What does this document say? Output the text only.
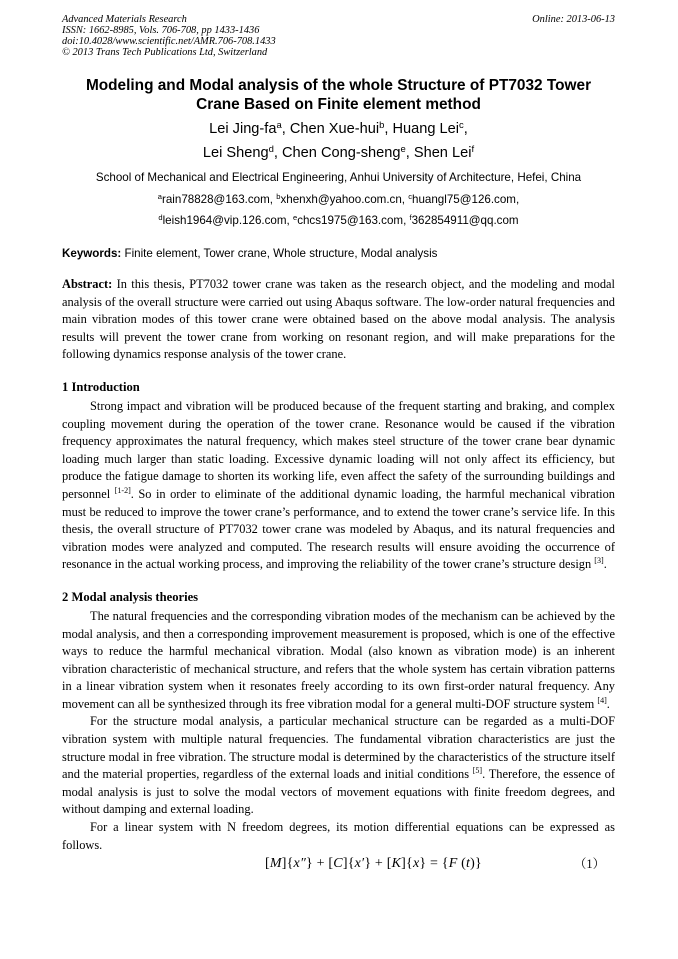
Advanced Materials Research
ISSN: 1662-8985, Vols. 706-708, pp 1433-1436
doi:10.4028/www.scientific.net/AMR.706-708.1433
© 2013 Trans Tech Publications Ltd, Switzerland
Online: 2013-06-13
Modeling and Modal analysis of the whole Structure of PT7032 Tower
Crane Based on Finite element method
Lei Jing-$fa^a$, Chen Xue-hui$^b$, Huang Lei$^c$,
Lei Sheng$^d$, Chen Cong-sheng$^e$, Shen Lei$^f$
School of Mechanical and Electrical Engineering, Anhui University of Architecture, Hefei, China
$^a$rain78828@163.com, $^b$xhenxh@yahoo.com.cn, $^c$huangl75@126.com,
$^d$leish1964@vip.126.com, $^e$chcs1975@163.com, $^f$362854911@qq.com
Keywords: Finite element, Tower crane, Whole structure, Modal analysis
Abstract: In this thesis, PT7032 tower crane was taken as the research object, and the modeling and modal analysis of the overall structure were carried out using Abaqus software. The low-order natural frequencies and main vibration modes of this tower crane were obtained based on the above modal analysis. The analysis results will prevent the tower crane from working on resonant region, and will make preparations for the following dynamics response analysis of the tower crane.
1 Introduction

Strong impact and vibration will be produced because of the frequent starting and braking, and complex coupling movement during the operation of the tower crane. Resonance would be caused if the vibration frequency approximates the natural frequency, which makes steel structure of the tower crane bear dynamic loading much larger than static loading. Excessive dynamic loading will not only affect its efficiency, but produce the fatigue damage to shorten its working life, even affect the safety of the surrounding buildings and personnel [1-2]. So in order to eliminate of the additional dynamic loading, the harmful mechanical vibration must be reduced to improve the tower crane’s performance, and to extend the tower crane’s service life. In this thesis, the overall structure of PT7032 tower crane was modeled by Abaqus, and its natural frequencies and vibration modes were analyzed and computed. The research results will ensure avoiding the occurrence of resonance in the actual working process, and improving the reliability of the tower crane’s structure design [3].

2 Modal analysis theories

The natural frequencies and the corresponding vibration modes of the mechanism can be achieved by the modal analysis, and then a corresponding improvement measurement is proposed, which is one of the effective ways to reduce the harmful mechanical vibration. Modal (also known as vibration mode) is an inherent vibration characteristic of mechanical structure, and refers that the whole system has certain vibration patterns in a linear vibration system when it resonates freely according to its own first-order natural frequency. Any movement can all be synthesized through its free vibration modal for a general multi-DOF structure system [4].

For the structure modal analysis, a particular mechanical structure can be regarded as a multi-DOF vibration system with multiple natural frequencies. The fundamental vibration characteristics are just the structure modal in free vibration. The structure modal is determined by the characteristics of the structure itself and the material properties, regardless of the external loads and initial conditions [5]. Therefore, the essence of modal analysis is just to solve the modal vectors of movement equations with finite freedom degrees, and without damping and external loading.

For a linear system with N freedom degrees, its motion differential equations can be expressed as follows.

[M]{x″} + [C]{x′} + [K]{x} = {F (t)}	（1）
